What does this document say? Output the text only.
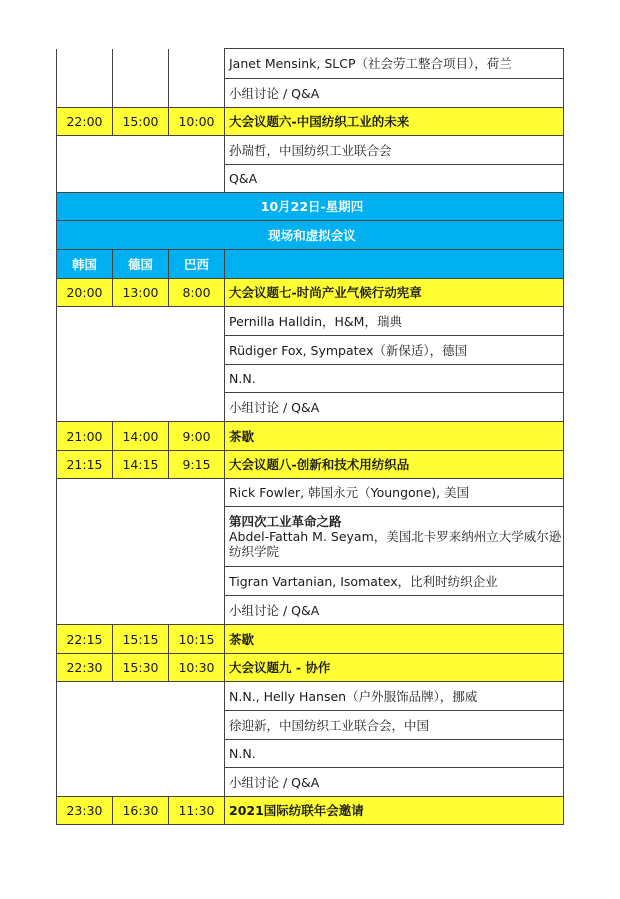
			Janet Mensink, SLCP（社会劳工整合项目），荷兰
			小组讨论 / Q&A
22:00	15:00	10:00	大会议题六-中国纺织工业的未来
			孙瑞哲，中国纺织工业联合会
			Q&A
10月22日-星期四			
现场和虚拟会议			
韩国	德国	巴西	
20:00	13:00	8:00	大会议题七-时尚产业气候行动宪章
			Pernilla Halldin，H&M，瑞典
			Rüdiger Fox, Sympatex（新保适），德国
			N.N.
			小组讨论 / Q&A
21:00	14:00	9:00	茶歇
21:15	14:15	9:15	大会议题八-创新和技术用纺织品
			Rick Fowler, 韩国永元（Youngone), 美国

			第四次工业革命之路
Abdel-Fattah M. Seyam，美国北卡罗来纳州立大学威尔逊纺织学院

			Tigran Vartanian, Isomatex，比利时纺织企业
			小组讨论 / Q&A
22:15	15:15	10:15	茶歇
22:30	15:30	10:30	大会议题九 - 协作
			N.N., Helly Hansen（户外服饰品牌），挪威
			徐迎新，中国纺织工业联合会，中国
			N.N.
			小组讨论 / Q&A
23:30	16:30	11:30	2021国际纺联年会邀请
